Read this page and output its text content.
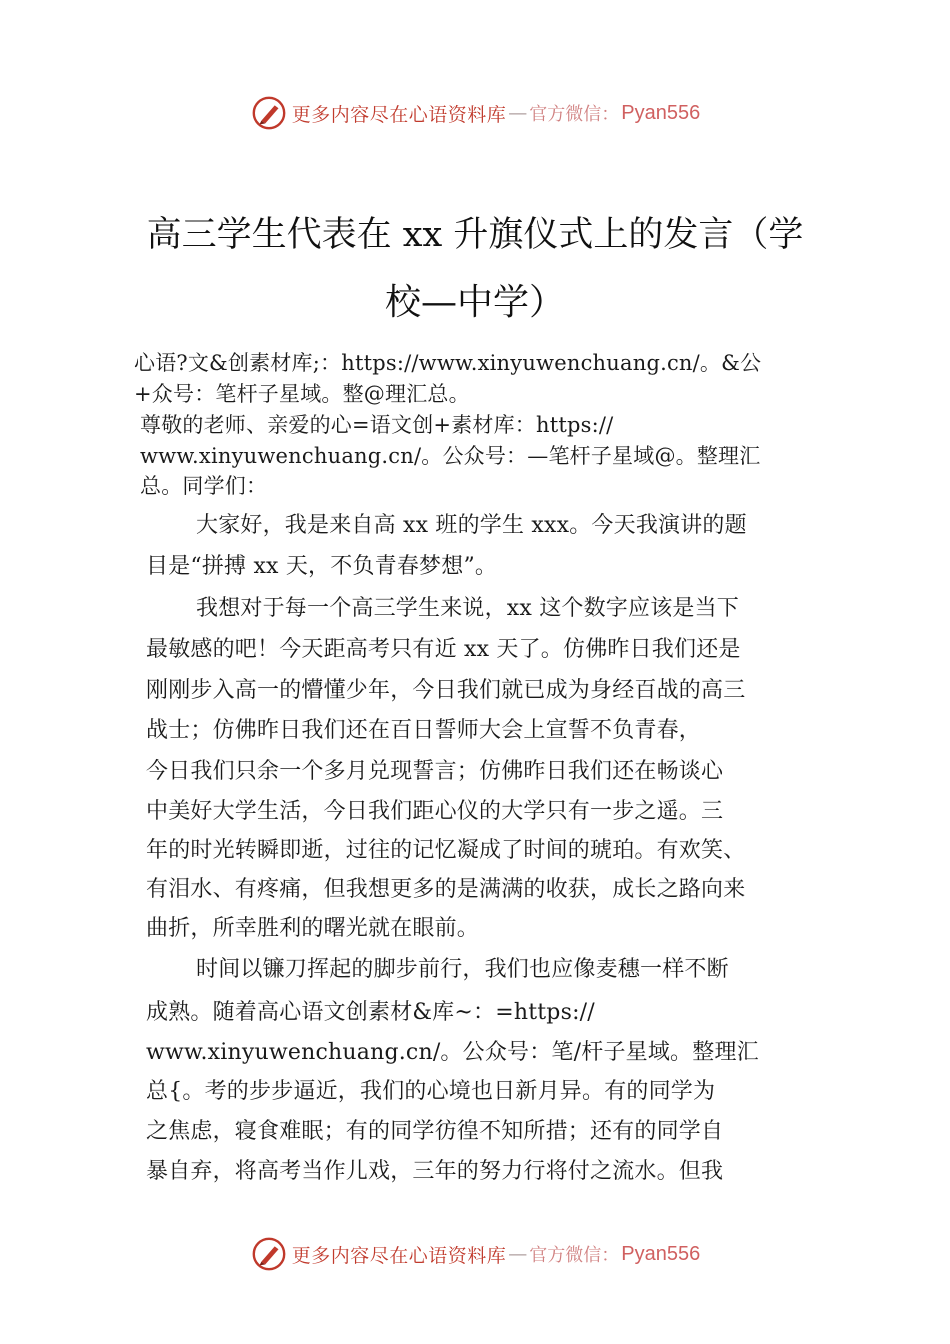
更多内容尽在心语资料库 — 官方微信： Pyan556
高三学生代表在 xx 升旗仪式上的发言（学
校—中学）
心语?文&创素材库;：https://www.xinyuwenchuang.cn/。&公
+众号：笔杆子星域。整@理汇总。
尊敬的老师、亲爱的心=语文创+素材库：https://
www.xinyuwenchuang.cn/。公众号：—笔杆子星域@。整理汇
总。同学们：
大家好，我是来自高 xx 班的学生 xxx。今天我演讲的题
目是“拼搏 xx 天，不负青春梦想”。
我想对于每一个高三学生来说，xx 这个数字应该是当下
最敏感的吧！今天距高考只有近 xx 天了。仿佛昨日我们还是
刚刚步入高一的懵懂少年，今日我们就已成为身经百战的高三
战士；仿佛昨日我们还在百日誓师大会上宣誓不负青春，
今日我们只余一个多月兑现誓言；仿佛昨日我们还在畅谈心
中美好大学生活，今日我们距心仪的大学只有一步之遥。三
年的时光转瞬即逝，过往的记忆凝成了时间的琥珀。有欢笑、
有泪水、有疼痛，但我想更多的是满满的收获，成长之路向来
曲折，所幸胜利的曙光就在眼前。
时间以镰刀挥起的脚步前行，我们也应像麦穗一样不断
成熟。随着高心语文创素材&库~：=https://
www.xinyuwenchuang.cn/。公众号：笔/杆子星域。整理汇
总{。考的步步逼近，我们的心境也日新月异。有的同学为
之焦虑，寝食难眠；有的同学彷徨不知所措；还有的同学自
暴自弃，将高考当作儿戏，三年的努力行将付之流水。但我
更多内容尽在心语资料库 — 官方微信： Pyan556
